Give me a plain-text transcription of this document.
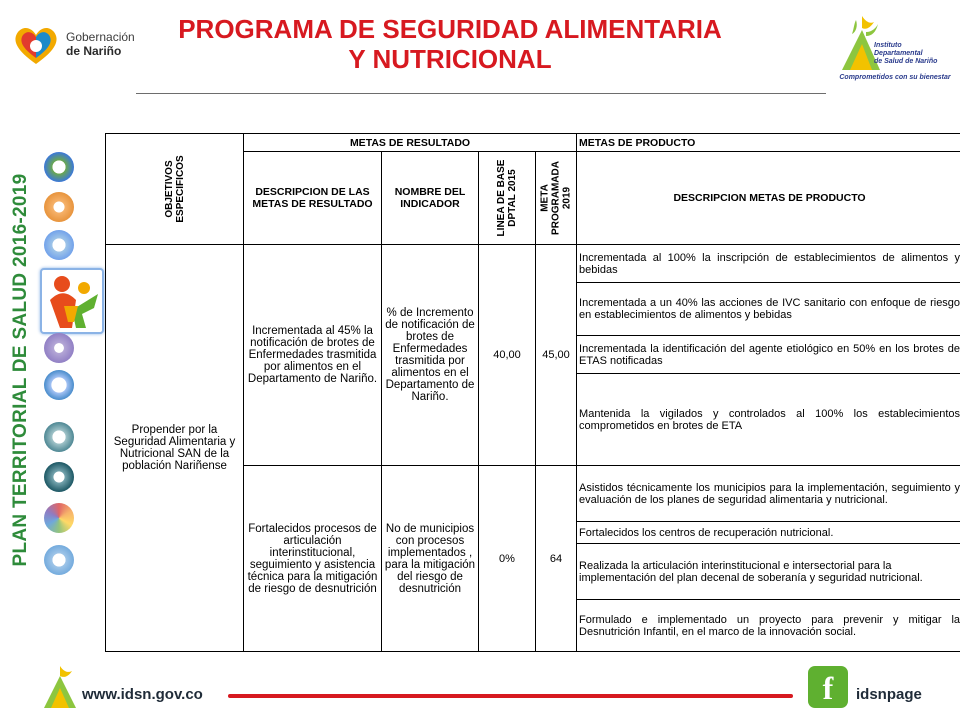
Gobernación
de Nariño
PROGRAMA DE SEGURIDAD ALIMENTARIA
Y NUTRICIONAL	Instituto
Departamental
de Salud de Nariño
Comprometidos con su bienestar
PLAN TERRITORIAL DE SALUD 2016-2019	OBJETIVOS ESPECIFICOS	METAS DE RESULTADO				METAS DE PRODUCTO
	DESCRIPCION DE LAS METAS DE RESULTADO	NOMBRE DEL INDICADOR	LINEA DE BASE DPTAL 2015	META PROGRAMADA 2019	DESCRIPCION METAS DE PRODUCTO
Propender por la Seguridad Alimentaria y Nutricional SAN de la población Nariñense	Incrementada al 45% la notificación de brotes de Enfermedades trasmitida por alimentos en el Departamento de Nariño.	% de Incremento de notificación de brotes de Enfermedades trasmitida por alimentos en el Departamento de Nariño.	40,00	45,00	Incrementada al 100% la inscripción de establecimientos de alimentos y bebidas
					Incrementada a un 40% las acciones de IVC sanitario con enfoque de riesgo en establecimientos de alimentos y bebidas
					Incrementada la identificación del agente etiológico en 50% en los brotes de ETAS notificadas
					Mantenida la vigilados y controlados al 100% los establecimientos comprometidos en brotes de ETA
	Fortalecidos procesos de articulación interinstitucional, seguimiento y asistencia técnica para la mitigación de riesgo de desnutrición	No de municipios con procesos implementados , para la mitigación del riesgo de desnutrición	0%	64	Asistidos técnicamente los municipios para la implementación, seguimiento y evaluación de los planes de seguridad alimentaria y nutricional.
					Fortalecidos los centros de recuperación nutricional.
					Realizada la articulación interinstitucional e intersectorial para la implementación del plan decenal de soberanía y seguridad nutricional.
					Formulado e implementado un proyecto para prevenir y mitigar la Desnutrición Infantil, en el marco de la innovación social.
www.idsn.gov.co	f	idsnpage
